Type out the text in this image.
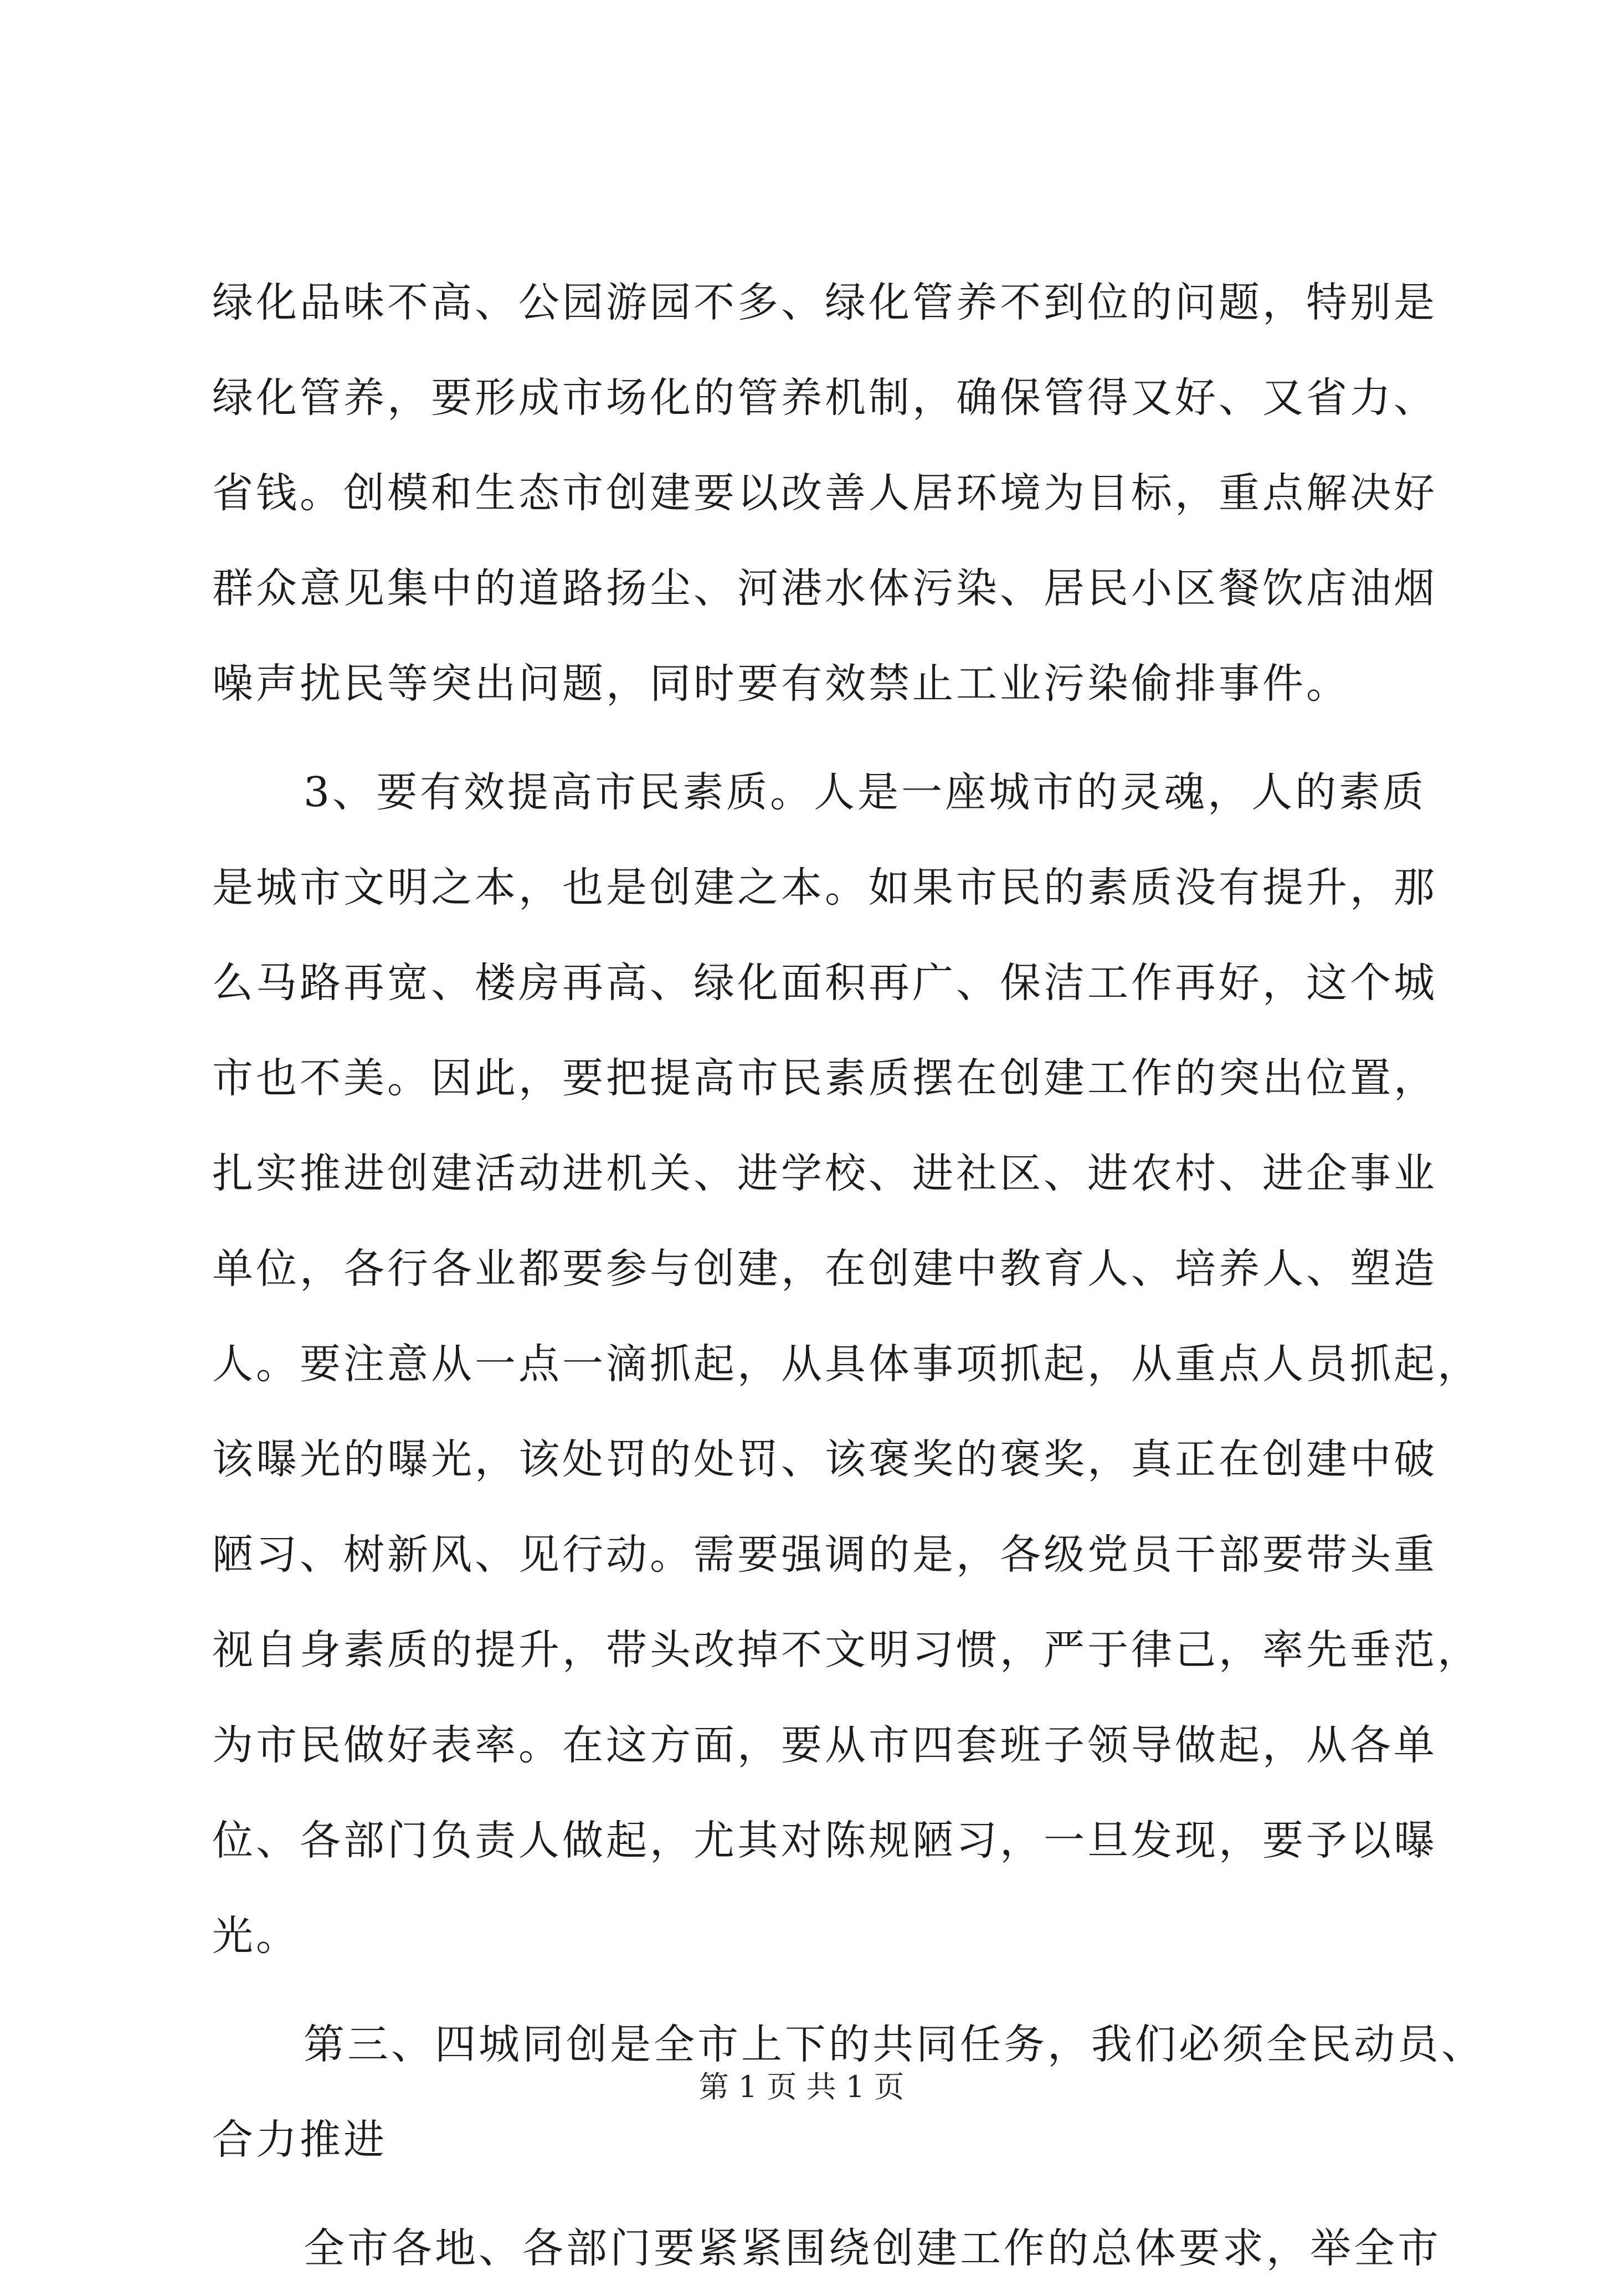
绿化品味不高、公园游园不多、绿化管养不到位的问题，特别是
绿化管养，要形成市场化的管养机制，确保管得又好、又省力、
省钱。创模和生态市创建要以改善人居环境为目标，重点解决好
群众意见集中的道路扬尘、河港水体污染、居民小区餐饮店油烟
噪声扰民等突出问题，同时要有效禁止工业污染偷排事件。
3、要有效提高市民素质。人是一座城市的灵魂，人的素质
是城市文明之本，也是创建之本。如果市民的素质没有提升，那
么马路再宽、楼房再高、绿化面积再广、保洁工作再好，这个城
市也不美。因此，要把提高市民素质摆在创建工作的突出位置，
扎实推进创建活动进机关、进学校、进社区、进农村、进企事业
单位，各行各业都要参与创建，在创建中教育人、培养人、塑造
人。要注意从一点一滴抓起，从具体事项抓起，从重点人员抓起，
该曝光的曝光，该处罚的处罚、该褒奖的褒奖，真正在创建中破
陋习、树新风、见行动。需要强调的是，各级党员干部要带头重
视自身素质的提升，带头改掉不文明习惯，严于律己，率先垂范，
为市民做好表率。在这方面，要从市四套班子领导做起，从各单
位、各部门负责人做起，尤其对陈规陋习，一旦发现，要予以曝
光。
第三、四城同创是全市上下的共同任务，我们必须全民动员、
合力推进
全市各地、各部门要紧紧围绕创建工作的总体要求，举全市
第 1 页 共 1 页
